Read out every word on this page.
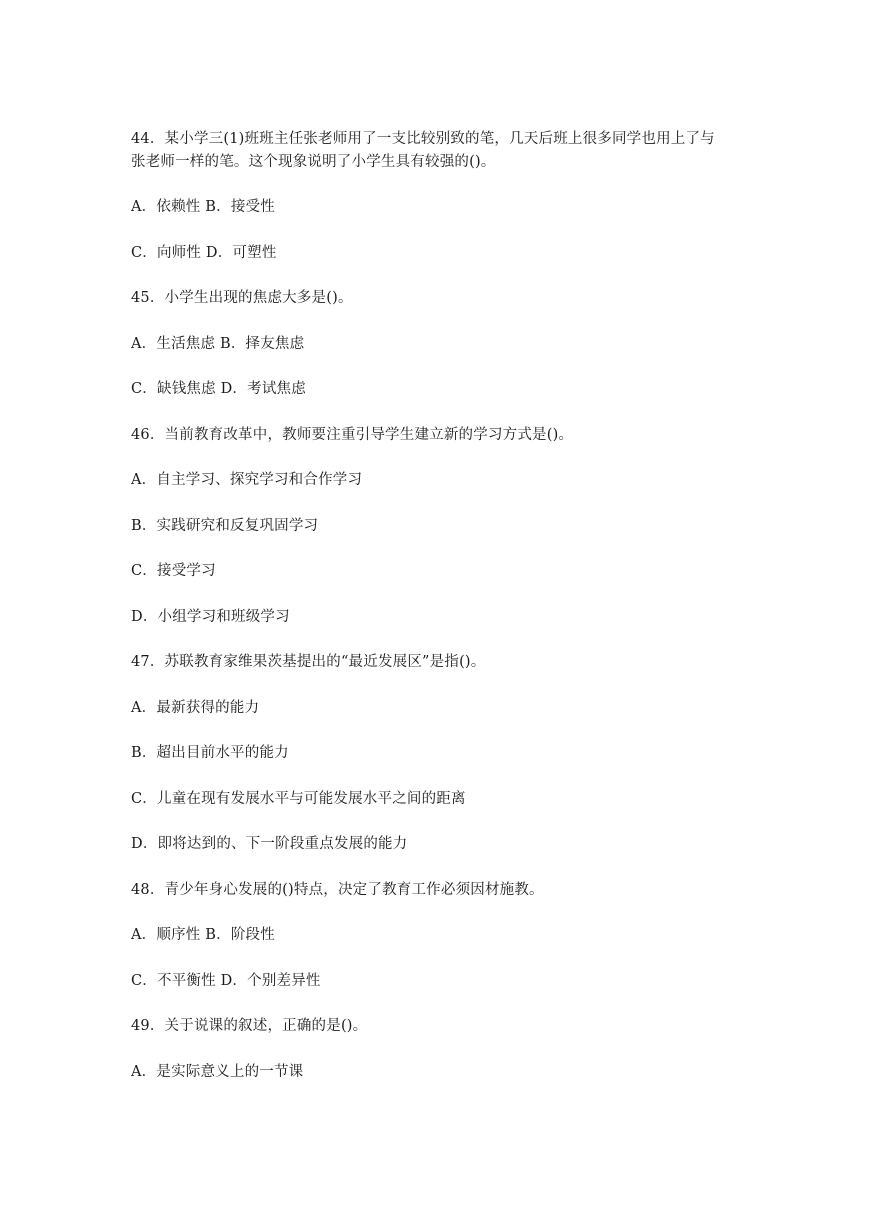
44．某小学三(1)班班主任张老师用了一支比较别致的笔，几天后班上很多同学也用上了与
张老师一样的笔。这个现象说明了小学生具有较强的()。
A．依赖性 B．接受性
C．向师性 D．可塑性
45．小学生出现的焦虑大多是()。
A．生活焦虑 B．择友焦虑
C．缺钱焦虑 D．考试焦虑
46．当前教育改革中，教师要注重引导学生建立新的学习方式是()。
A．自主学习、探究学习和合作学习
B．实践研究和反复巩固学习
C．接受学习
D．小组学习和班级学习
47．苏联教育家维果茨基提出的“最近发展区”是指()。
A．最新获得的能力
B．超出目前水平的能力
C．儿童在现有发展水平与可能发展水平之间的距离
D．即将达到的、下一阶段重点发展的能力
48．青少年身心发展的()特点，决定了教育工作必须因材施教。
A．顺序性 B．阶段性
C．不平衡性 D．个别差异性
49．关于说课的叙述，正确的是()。
A．是实际意义上的一节课
